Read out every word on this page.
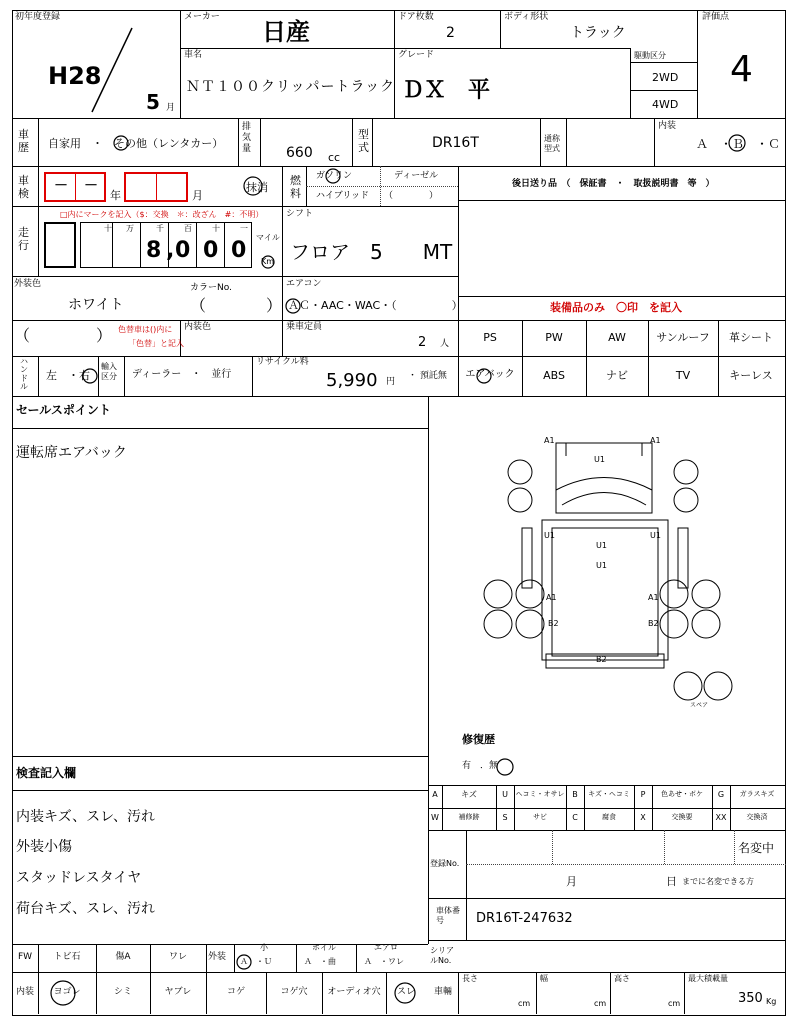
初年度登録
H28
5 月
メーカー
日産
ドア枚数
2
ボディ形状
トラック
評価点
4
車名
ＮＴ１００クリッパートラック
グレード
ＤＸ　平
駆動区分
2WD
4WD
車歴 自家用　・　その他（レンタカー）
排気量 660 cc
型式	DR16T	通称型式
内装
Ａ　・Ｂ　・Ｃ
車検 － －
年	月
抹消
燃料
ガソリン	ディーゼル
ハイブリッド （　　　　）
後日送り品　（　保証書　・　取扱説明書　等　）
走行
□内にマークを記入（$：交換　＊：改ざん　#：不明）
十 万	千	百	十	一
8 , 0 0 0
マイル
Km
シフト
フロア　5　　MT
外装色
ホワイト
カラーNo.
（	）
（	） 色替車は()内に
「色替」と記入
内装色
エアコン
ＡＣ・AAC・WAC・（　　　　　）
乗車定員
2 人
装備品のみ　〇印　を記入
PS	PW	AW	サンルーフ	革シート
エアバック	ABS	ナビ	TV	キーレス
ハンドル
左　・右
輸入区分	ディーラー　・　並行
リサイクル料
5,990 円
・ 預託無
セールスポイント
運転席エアバック
検査記入欄
内装キズ、スレ、汚れ
外装小傷
スタッドレスタイヤ
荷台キズ、スレ、汚れ
A1	A1
U1
U1	U1
U1
U1
A1	A1
B2	B2
B2
スペア
修復歴
有　．無
A	キズ	U	ヘコミ・オサレ B	キズ・ヘコミ	P	色あせ・ボケ	G	ガラスキズ
W	補修跡	S	サビ	C	腐食	X	交換要	XX	交換済
登録No.
名変中
月	日 までに名変できる方
車体番号	DR16T-247632
シリアルNo.
車輛
長さ
cm
幅
cm
高さ
cm
最大積載量
350 Kg
FW	トビ石	傷A	ワレ	外装
小
Ａ　・Ｕ
ホイル
Ａ　・曲
エアロ
Ａ　・ワレ
内装	ヨゴレ	シミ	ヤブレ	コゲ	コゲ穴	オーディオ穴	スレ
